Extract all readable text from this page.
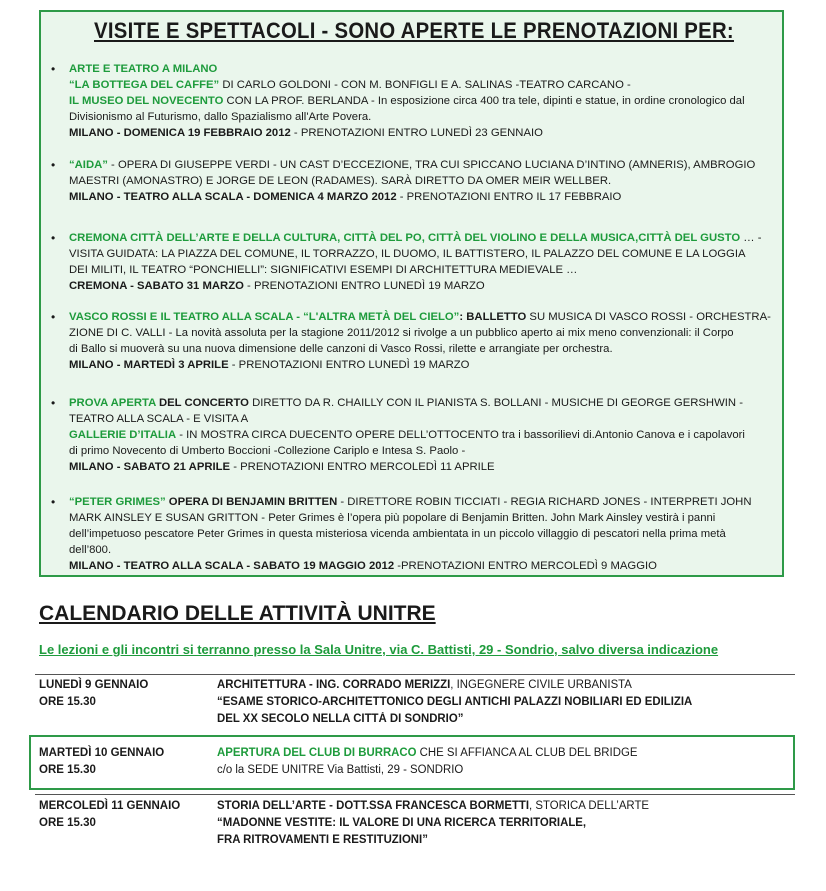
VISITE E SPETTACOLI - SONO APERTE LE PRENOTAZIONI PER:
• ARTE E TEATRO A MILANO
“LA BOTTEGA DEL CAFFE” DI CARLO GOLDONI - CON M. BONFIGLI E A. SALINAS -TEATRO CARCANO -
IL MUSEO DEL NOVECENTO CON LA PROF. BERLANDA - In esposizione circa 400 tra tele, dipinti e statue, in ordine cronologico dal
Divisionismo al Futurismo, dallo Spazialismo all'Arte Povera.
MILANO - DOMENICA 19 FEBBRAIO 2012 - PRENOTAZIONI ENTRO LUNEDÌ 23 GENNAIO
• “AIDA” - OPERA DI GIUSEPPE VERDI - UN CAST D’ECCEZIONE, TRA CUI SPICCANO LUCIANA D’INTINO (AMNERIS), AMBROGIO
MAESTRI (AMONASTRO) E JORGE DE LEON (RADAMES). SARÀ DIRETTO DA OMER MEIR WELLBER.
MILANO - TEATRO ALLA SCALA - DOMENICA 4 MARZO 2012 - PRENOTAZIONI ENTRO IL 17 FEBBRAIO
• CREMONA CITTÀ DELL’ARTE E DELLA CULTURA, CITTÀ DEL PO, CITTÀ DEL VIOLINO E DELLA MUSICA,CITTÀ DEL GUSTO … -
VISITA GUIDATA: LA PIAZZA DEL COMUNE, IL TORRAZZO, IL DUOMO, IL BATTISTERO, IL PALAZZO DEL COMUNE E LA LOGGIA
DEI MILITI, IL TEATRO “PONCHIELLI”: SIGNIFICATIVI ESEMPI DI ARCHITETTURA MEDIEVALE …
CREMONA - SABATO 31 MARZO - PRENOTAZIONI ENTRO LUNEDÌ 19 MARZO
• VASCO ROSSI E IL TEATRO ALLA SCALA - “L'ALTRA METÀ DEL CIELO”: BALLETTO SU MUSICA DI VASCO ROSSI - ORCHESTRA-
ZIONE DI C. VALLI - La novità assoluta per la stagione 2011/2012 si rivolge a un pubblico aperto ai mix meno convenzionali: il Corpo
di Ballo si muoverà su una nuova dimensione delle canzoni di Vasco Rossi, rilette e arrangiate per orchestra.
MILANO - MARTEDÌ 3 APRILE - PRENOTAZIONI ENTRO LUNEDÌ 19 MARZO
• PROVA APERTA DEL CONCERTO DIRETTO DA R. CHAILLY CON IL PIANISTA S. BOLLANI - MUSICHE DI GEORGE GERSHWIN -
TEATRO ALLA SCALA - E VISITA A
GALLERIE D’ITALIA - IN MOSTRA CIRCA DUECENTO OPERE DELL’OTTOCENTO tra i bassorilievi di.Antonio Canova e i capolavori
di primo Novecento di Umberto Boccioni -Collezione Cariplo e Intesa S. Paolo -
MILANO - SABATO 21 APRILE - PRENOTAZIONI ENTRO MERCOLEDÌ 11 APRILE
• “PETER GRIMES” OPERA DI BENJAMIN BRITTEN - DIRETTORE ROBIN TICCIATI - REGIA RICHARD JONES - INTERPRETI JOHN
MARK AINSLEY E SUSAN GRITTON - Peter Grimes è l’opera più popolare di Benjamin Britten. John Mark Ainsley vestirà i panni
dell’impetuoso pescatore Peter Grimes in questa misteriosa vicenda ambientata in un piccolo villaggio di pescatori nella prima metà
dell’800.
MILANO - TEATRO ALLA SCALA - SABATO 19 MAGGIO 2012 -PRENOTAZIONI ENTRO MERCOLEDÌ 9 MAGGIO
CALENDARIO DELLE ATTIVITÀ UNITRE
Le lezioni e gli incontri si terranno presso la Sala Unitre, via C. Battisti, 29 - Sondrio, salvo diversa indicazione
LUNEDÌ 9 GENNAIO
ORE 15.30
ARCHITETTURA - ING. CORRADO MERIZZI, INGEGNERE CIVILE URBANISTA
“ESAME STORICO-ARCHITETTONICO DEGLI ANTICHI PALAZZI NOBILIARI ED EDILIZIA
DEL XX SECOLO NELLA CITTÀ DI SONDRIO”
MARTEDÌ 10 GENNAIO
ORE 15.30
APERTURA DEL CLUB DI BURRACO CHE SI AFFIANCA AL CLUB DEL BRIDGE
c/o la SEDE UNITRE Via Battisti, 29 - SONDRIO
MERCOLEDÌ 11 GENNAIO
ORE 15.30
STORIA DELL’ARTE - DOTT.SSA FRANCESCA BORMETTI, STORICA DELL’ARTE
“MADONNE VESTITE: IL VALORE DI UNA RICERCA TERRITORIALE,
FRA RITROVAMENTI E RESTITUZIONI”
